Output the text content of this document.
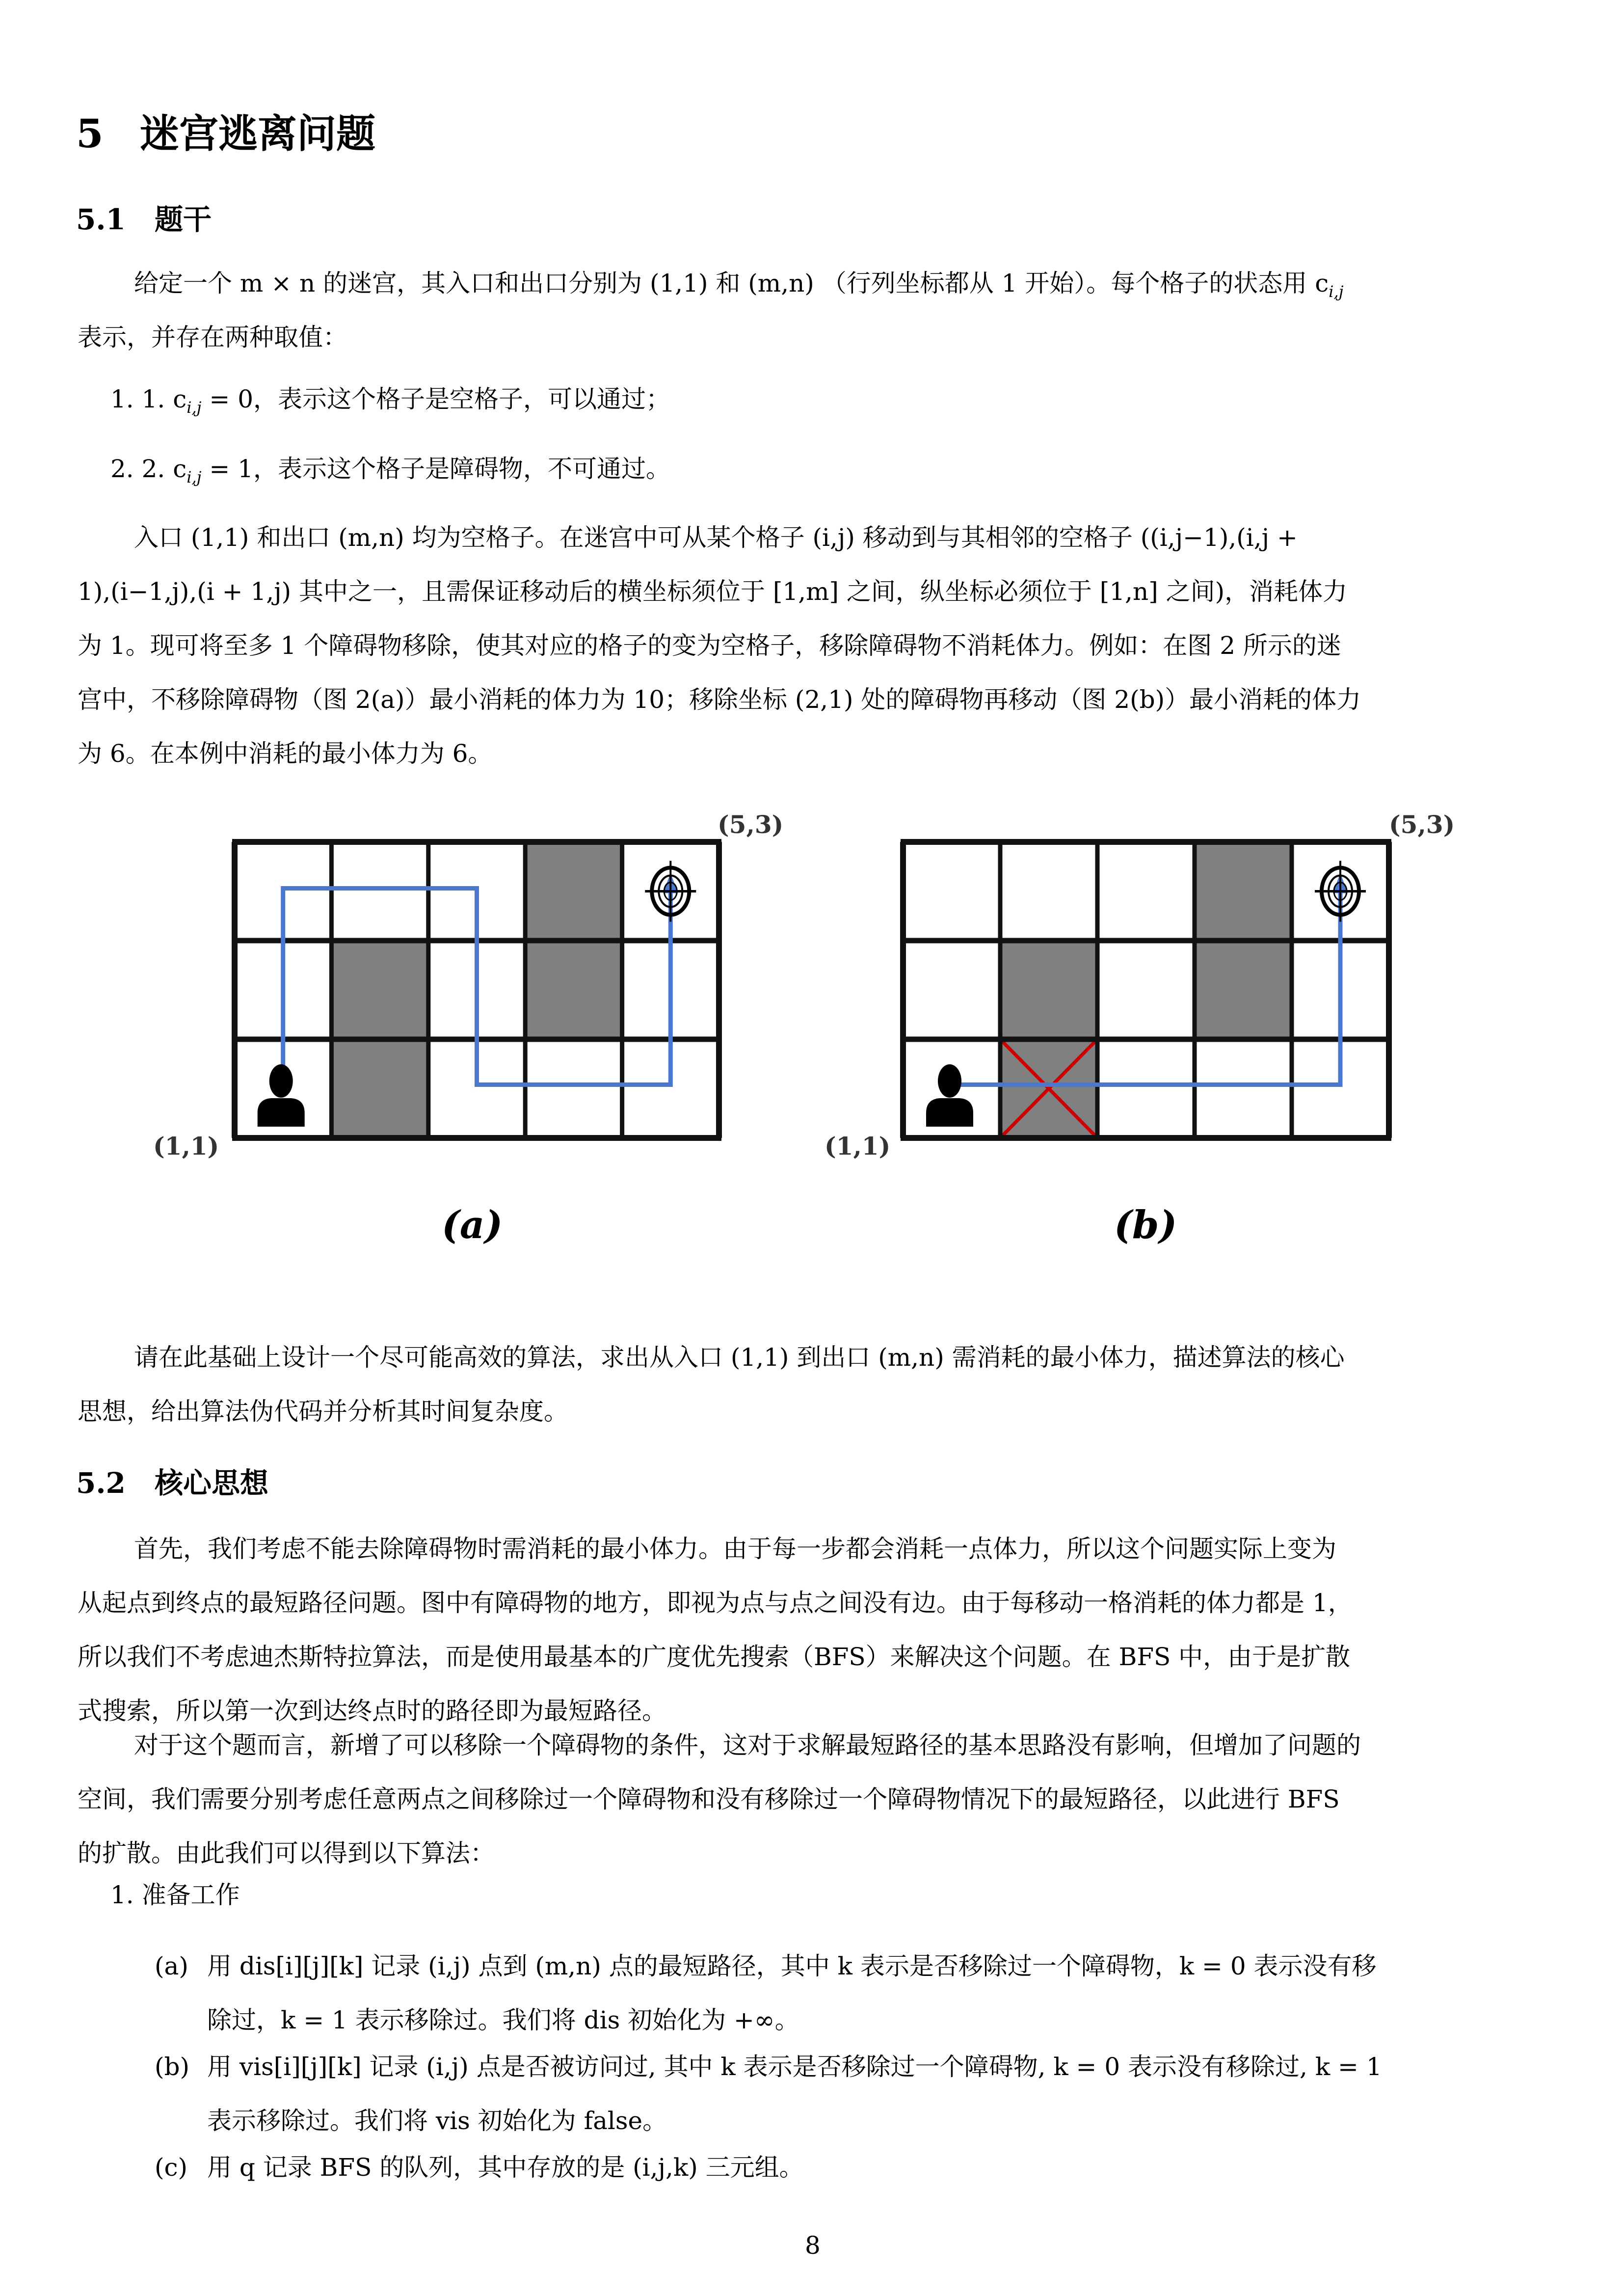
5 迷宫逃离问题
5.1 题干
给定一个 m × n 的迷宫，其入口和出口分别为 (1,1) 和 (m,n) （行列坐标都从 1 开始）。每个格子的状态用 $c_{i,j}$
表示，并存在两种取值：
1. 1. $c_{i,j} = 0$，表示这个格子是空格子，可以通过；
2. 2. $c_{i,j} = 1$，表示这个格子是障碍物，不可通过。
入口 (1,1) 和出口 (m,n) 均为空格子。在迷宫中可从某个格子 (i,j) 移动到与其相邻的空格子 ((i,j−1),(i,j +
1),(i−1,j),(i + 1,j) 其中之一，且需保证移动后的横坐标须位于 [1,m] 之间，纵坐标必须位于 [1,n] 之间)，消耗体力
为 1。现可将至多 1 个障碍物移除，使其对应的格子的变为空格子，移除障碍物不消耗体力。例如：在图 2 所示的迷
宫中，不移除障碍物（图 2(a)）最小消耗的体力为 10；移除坐标 (2,1) 处的障碍物再移动（图 2(b)）最小消耗的体力
为 6。在本例中消耗的最小体力为 6。
(5,3)
(1,1)
(a)
(5,3)
(1,1)
(b)
请在此基础上设计一个尽可能高效的算法，求出从入口 (1,1) 到出口 (m,n) 需消耗的最小体力，描述算法的核心
思想，给出算法伪代码并分析其时间复杂度。
5.2 核心思想
首先，我们考虑不能去除障碍物时需消耗的最小体力。由于每一步都会消耗一点体力，所以这个问题实际上变为
从起点到终点的最短路径问题。图中有障碍物的地方，即视为点与点之间没有边。由于每移动一格消耗的体力都是 1，
所以我们不考虑迪杰斯特拉算法，而是使用最基本的广度优先搜索（BFS）来解决这个问题。在 BFS 中，由于是扩散
式搜索，所以第一次到达终点时的路径即为最短路径。
对于这个题而言，新增了可以移除一个障碍物的条件，这对于求解最短路径的基本思路没有影响，但增加了问题的
空间，我们需要分别考虑任意两点之间移除过一个障碍物和没有移除过一个障碍物情况下的最短路径，以此进行 BFS
的扩散。由此我们可以得到以下算法：
1. 准备工作
(a) 用 dis[i][j][k] 记录 (i,j) 点到 (m,n) 点的最短路径，其中 k 表示是否移除过一个障碍物，k = 0 表示没有移
除过，k = 1 表示移除过。我们将 dis 初始化为 +∞。
(b) 用 vis[i][j][k] 记录 (i,j) 点是否被访问过, 其中 k 表示是否移除过一个障碍物, k = 0 表示没有移除过, k = 1
表示移除过。我们将 vis 初始化为 false。
(c) 用 q 记录 BFS 的队列，其中存放的是 (i,j,k) 三元组。
8
